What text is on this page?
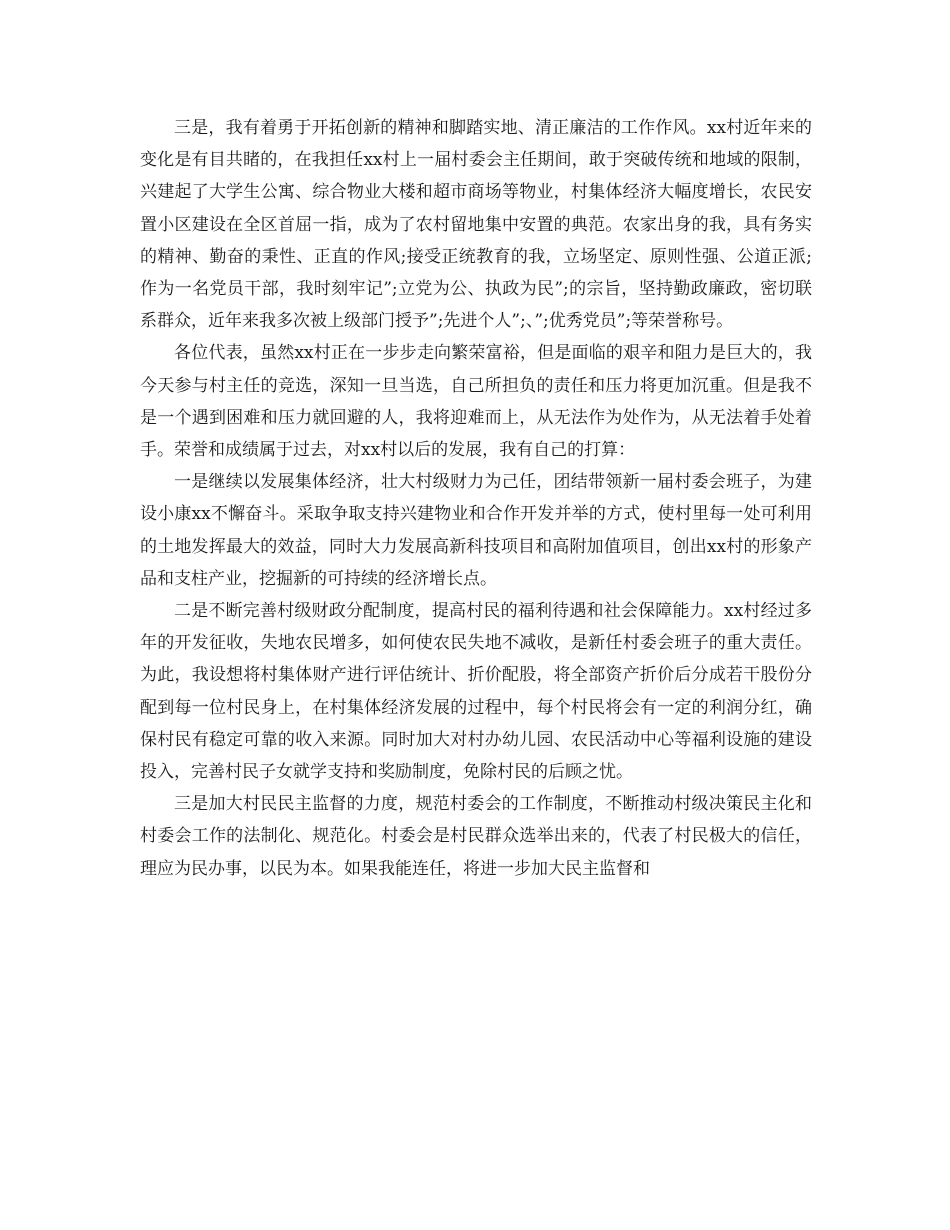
三是，我有着勇于开拓创新的精神和脚踏实地、清正廉洁的工作作风。xx村近年来的变化是有目共睹的，在我担任xx村上一届村委会主任期间，敢于突破传统和地域的限制，兴建起了大学生公寓、综合物业大楼和超市商场等物业，村集体经济大幅度增长，农民安置小区建设在全区首屈一指，成为了农村留地集中安置的典范。农家出身的我，具有务实的精神、勤奋的秉性、正直的作风;接受正统教育的我，立场坚定、原则性强、公道正派;作为一名党员干部，我时刻牢记”;立党为公、执政为民”;的宗旨，坚持勤政廉政，密切联系群众，近年来我多次被上级部门授予”;先进个人”;、”;优秀党员”;等荣誉称号。

各位代表，虽然xx村正在一步步走向繁荣富裕，但是面临的艰辛和阻力是巨大的，我今天参与村主任的竞选，深知一旦当选，自己所担负的责任和压力将更加沉重。但是我不是一个遇到困难和压力就回避的人，我将迎难而上，从无法作为处作为，从无法着手处着手。荣誉和成绩属于过去，对xx村以后的发展，我有自己的打算：

一是继续以发展集体经济，壮大村级财力为己任，团结带领新一届村委会班子，为建设小康xx不懈奋斗。采取争取支持兴建物业和合作开发并举的方式，使村里每一处可利用的土地发挥最大的效益，同时大力发展高新科技项目和高附加值项目，创出xx村的形象产品和支柱产业，挖掘新的可持续的经济增长点。

二是不断完善村级财政分配制度，提高村民的福利待遇和社会保障能力。xx村经过多年的开发征收，失地农民增多，如何使农民失地不减收，是新任村委会班子的重大责任。为此，我设想将村集体财产进行评估统计、折价配股，将全部资产折价后分成若干股份分配到每一位村民身上，在村集体经济发展的过程中，每个村民将会有一定的利润分红，确保村民有稳定可靠的收入来源。同时加大对村办幼儿园、农民活动中心等福利设施的建设投入，完善村民子女就学支持和奖励制度，免除村民的后顾之忧。

三是加大村民民主监督的力度，规范村委会的工作制度，不断推动村级决策民主化和村委会工作的法制化、规范化。村委会是村民群众选举出来的，代表了村民极大的信任，理应为民办事，以民为本。如果我能连任，将进一步加大民主监督和
